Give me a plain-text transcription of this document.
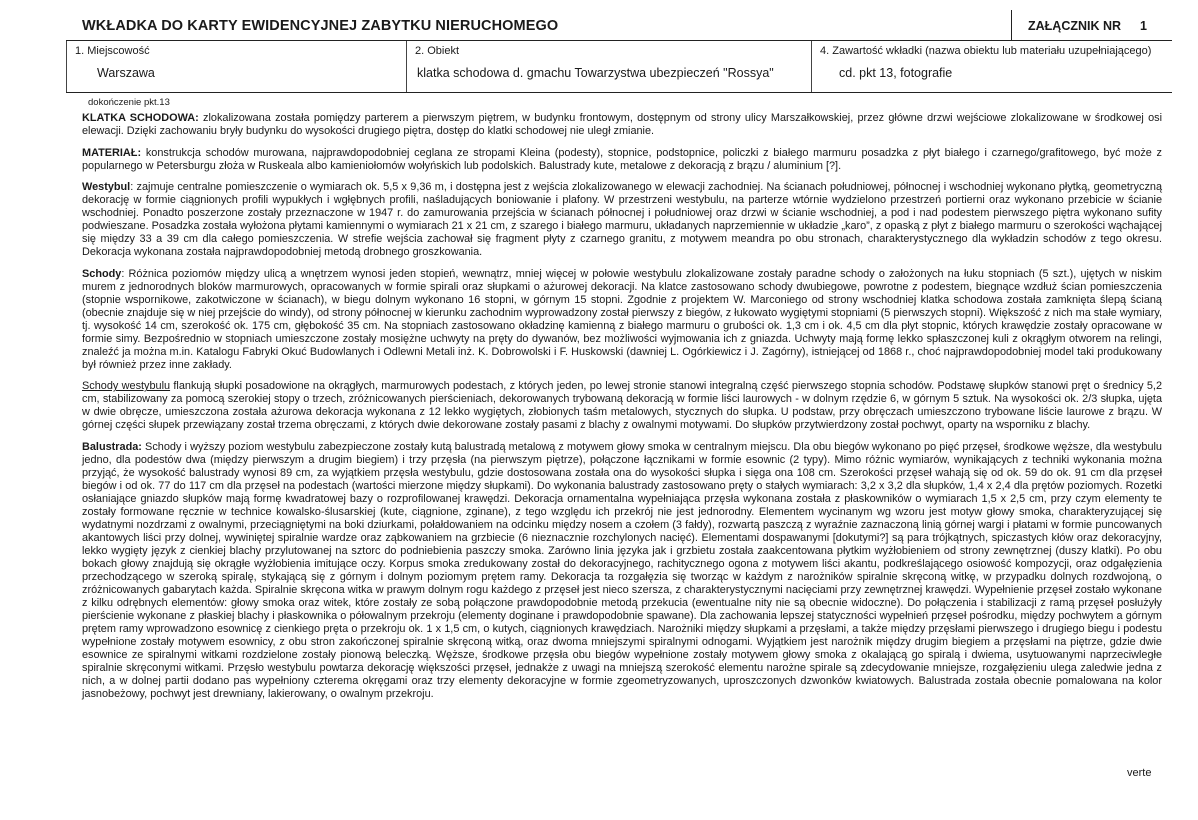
WKŁADKA DO KARTY EWIDENCYJNEJ ZABYTKU NIERUCHOMEGO	ZAŁĄCZNIK NR 1
1. Miejscowość
Warszawa
2. Obiekt
klatka schodowa d. gmachu Towarzystwa ubezpieczeń "Rossya"
4. Zawartość wkładki (nazwa obiektu lub materiału uzupełniającego)
cd. pkt 13, fotografie
dokończenie pkt.13

KLATKA SCHODOWA: zlokalizowana została pomiędzy parterem a pierwszym piętrem, w budynku frontowym, dostępnym od strony ulicy Marszałkowskiej, przez główne drzwi wejściowe zlokalizowane w środkowej osi elewacji. Dzięki zachowaniu bryły budynku do wysokości drugiego piętra, dostęp do klatki schodowej nie uległ zmianie.

MATERIAŁ: konstrukcja schodów murowana, najprawdopodobniej ceglana ze stropami Kleina (podesty), stopnice, podstopnice, policzki z białego marmuru posadzka z płyt białego i czarnego/grafitowego, być może z popularnego w Petersburgu złoża w Ruskeala albo kamieniołomów wołyńskich lub podolskich. Balustrady kute, metalowe z dekoracją z brązu / aluminium [?].

Westybul: zajmuje centralne pomieszczenie o wymiarach ok. 5,5 x 9,36 m, i dostępna jest z wejścia zlokalizowanego w elewacji zachodniej. Na ścianach południowej, północnej i wschodniej wykonano płytką, geometryczną dekorację w formie ciągnionych profili wypukłych i wgłębnych profili, naśladujących boniowanie i plafony. W przestrzeni westybulu, na parterze wtórnie wydzielono przestrzeń portierni oraz wykonano przebicie w ścianie wschodniej. Ponadto poszerzone zostały przeznaczone w 1947 r. do zamurowania przejścia w ścianach północnej i południowej oraz drzwi w ścianie wschodniej, a pod i nad podestem pierwszego piętra wykonano sufity podwieszane. Posadzka została wyłożona płytami kamiennymi o wymiarach 21 x 21 cm, z szarego i białego marmuru, układanych naprzemiennie w układzie „karo”, z opaską z płyt z białego marmuru o szerokości wąchającej się między 33 a 39 cm dla całego pomieszczenia. W strefie wejścia zachował się fragment płyty z czarnego granitu, z motywem meandra po obu stronach, charakterystycznego dla wykładzin schodów z tego okresu. Dekoracja wykonana została najprawdopodobniej metodą drobnego groszkowania.

Schody: Różnica poziomów między ulicą a wnętrzem wynosi jeden stopień, wewnątrz, mniej więcej w połowie westybulu zlokalizowane zostały paradne schody o założonych na łuku stopniach (5 szt.), ujętych w niskim murem z jednorodnych bloków marmurowych, opracowanych w formie spirali oraz słupkami o ażurowej dekoracji. Na klatce zastosowano schody dwubiegowe, powrotne z podestem, biegnące wzdłuż ścian pomieszczenia (stopnie wspornikowe, zakotwiczone w ścianach), w biegu dolnym wykonano 16 stopni, w górnym 15 stopni. Zgodnie z projektem W. Marconiego od strony wschodniej klatka schodowa została zamknięta ślepą ścianą (obecnie znajduje się w niej przejście do windy), od strony północnej w kierunku zachodnim wyprowadzony został pierwszy z biegów, z łukowato wygiętymi stopniami (5 pierwszych stopni). Większość z nich ma stałe wymiary, tj. wysokość 14 cm, szerokość ok. 175 cm, głębokość 35 cm. Na stopniach zastosowano okładzinę kamienną z białego marmuru o grubości ok. 1,3 cm i ok. 4,5 cm dla płyt stopnic, których krawędzie zostały opracowane w formie simy. Bezpośrednio w stopniach umieszczone zostały mosiężne uchwyty na pręty do dywanów, bez możliwości wyjmowania ich z gniazda. Uchwyty mają formę lekko spłaszczonej kuli z okrągłym otworem na relingi, znaleźć ja można m.in. Katalogu Fabryki Okuć Budowlanych i Odlewni Metali inż. K. Dobrowolski i F. Huskowski (dawniej L. Ogórkiewicz i J. Zagórny), istniejącej od 1868 r., choć najprawdopodobniej model taki produkowany był również przez inne zakłady.

Schody westybulu flankują słupki posadowione na okrągłych, marmurowych podestach, z których jeden, po lewej stronie stanowi integralną część pierwszego stopnia schodów. Podstawę słupków stanowi pręt o średnicy 5,2 cm, stabilizowany za pomocą szerokiej stopy o trzech, zróżnicowanych pierścieniach, dekorowanych trybowaną dekoracją w formie liści laurowych - w dolnym rzędzie 6, w górnym 5 sztuk. Na wysokości ok. 2/3 słupka, ujęta w dwie obręcze, umieszczona została ażurowa dekoracja wykonana z 12 lekko wygiętych, złobionych taśm metalowych, stycznych do słupka. U podstaw, przy obręczach umieszczono trybowane liście laurowe z brązu. W górnej części słupek przewiązany został trzema obręczami, z których dwie dekorowane zostały pasami z blachy z owalnymi motywami. Do słupków przytwierdzony został pochwyt, oparty na wsporniku z blachy.

Balustrada: Schody i wyższy poziom westybulu zabezpieczone zostały kutą balustradą metalową z motywem głowy smoka w centralnym miejscu. Dla obu biegów wykonano po pięć przęseł, środkowe węższe, dla westybulu jedno, dla podestów dwa (między pierwszym a drugim biegiem) i trzy przęsła (na pierwszym piętrze), połączone łącznikami w formie esownic (2 typy). Mimo różnic wymiarów, wynikających z techniki wykonania można przyjąć, że wysokość balustrady wynosi 89 cm, za wyjątkiem przęsła westybulu, gdzie dostosowana została ona do wysokości słupka i sięga ona 108 cm. Szerokości przęseł wahają się od ok. 59 do ok. 91 cm dla przęseł biegów i od ok. 77 do 117 cm dla przęseł na podestach (wartości mierzone między słupkami). Do wykonania balustrady zastosowano pręty o stałych wymiarach: 3,2 x 3,2 dla słupków, 1,4 x 2,4 dla prętów poziomych. Rozetki osłaniające gniazdo słupków mają formę kwadratowej bazy o rozprofilowanej krawędzi. Dekoracja ornamentalna wypełniająca przęsła wykonana została z płaskowników o wymiarach 1,5 x 2,5 cm, przy czym elementy te zostały formowane ręcznie w technice kowalsko-ślusarskiej (kute, ciągnione, zginane), z tego względu ich przekrój nie jest jednorodny. Elementem wycinanym wg wzoru jest motyw głowy smoka, charakteryzującej się wydatnymi nozdrzami z owalnymi, przeciągniętymi na boki dziurkami, połałdowaniem na odcinku między nosem a czołem (3 fałdy), rozwartą paszczą z wyraźnie zaznaczoną linią górnej wargi i płatami w formie puncowanych akantowych liści przy dolnej, wywiniętej spiralnie wardze oraz ząbkowaniem na grzbiecie (6 nieznacznie rozchylonych nacięć). Elementami dospawanymi [dokutymi?] są para trójkątnych, spiczastych kłów oraz dekoracyjny, lekko wygięty język z cienkiej blachy przylutowanej na sztorc do podniebienia paszczy smoka. Zarówno linia języka jak i grzbietu została zaakcentowana płytkim wyżłobieniem od strony zewnętrznej (duszy klatki). Po obu bokach głowy znajdują się okrągłe wyżłobienia imitujące oczy. Korpus smoka zredukowany został do dekoracyjnego, rachitycznego ogona z motywem liści akantu, podkreślającego osiowość kompozycji, oraz odgałęzienia przechodzącego w szeroką spiralę, stykającą się z górnym i dolnym poziomym prętem ramy. Dekoracja ta rozgałęzia się tworząc w każdym z narożników spiralnie skręconą witkę, w przypadku dolnych rozdwojoną, o zróżnicowanych gabarytach każda. Spiralnie skręcona witka w prawym dolnym rogu każdego z przęseł jest nieco szersza, z charakterystycznymi nacięciami przy zewnętrznej krawędzi. Wypełnienie przęseł zostało wykonane z kilku odrębnych elementów: głowy smoka oraz witek, które zostały ze sobą połączone prawdopodobnie metodą przekucia (ewentualne nity nie są obecnie widoczne). Do połączenia i stabilizacji z ramą przęseł posłużyły pierścienie wykonane z płaskiej blachy i płaskownika o półowalnym przekroju (elementy doginane i prawdopodobnie spawane). Dla zachowania lepszej statyczności wypełnień przęseł pośrodku, między pochwytem a górnym prętem ramy wprowadzono esownicę z cienkiego pręta o przekroju ok. 1 x 1,5 cm, o kutych, ciągnionych krawędziach. Narożniki między słupkami a przęsłami, a także między przęsłami pierwszego i drugiego biegu i podestu wypełnione zostały motywem esownicy, z obu stron zakończonej spiralnie skręconą witką, oraz dwoma mniejszymi spiralnymi odnogami. Wyjątkiem jest narożnik między drugim biegiem a przęsłami na piętrze, gdzie dwie esownice ze spiralnymi witkami rozdzielone zostały pionową beleczką. Węższe, środkowe przęsła obu biegów wypełnione zostały motywem głowy smoka z okalającą go spiralą i dwiema, usytuowanymi naprzeciwległe spiralnie skręconymi witkami. Przęsło westybulu powtarza dekorację większości przęseł, jednakże z uwagi na mniejszą szerokość elementu narożne spirale są zdecydowanie mniejsze, rozgałęzieniu ulega zaledwie jedna z nich, a w dolnej partii dodano pas wypełniony czterema okręgami oraz trzy elementy dekoracyjne w formie zgeometryzowanych, uproszczonych dzwonków kwiatowych. Balustrada została obecnie pomalowana na kolor jasnobeżowy, pochwyt jest drewniany, lakierowany, o owalnym przekroju.

verte
